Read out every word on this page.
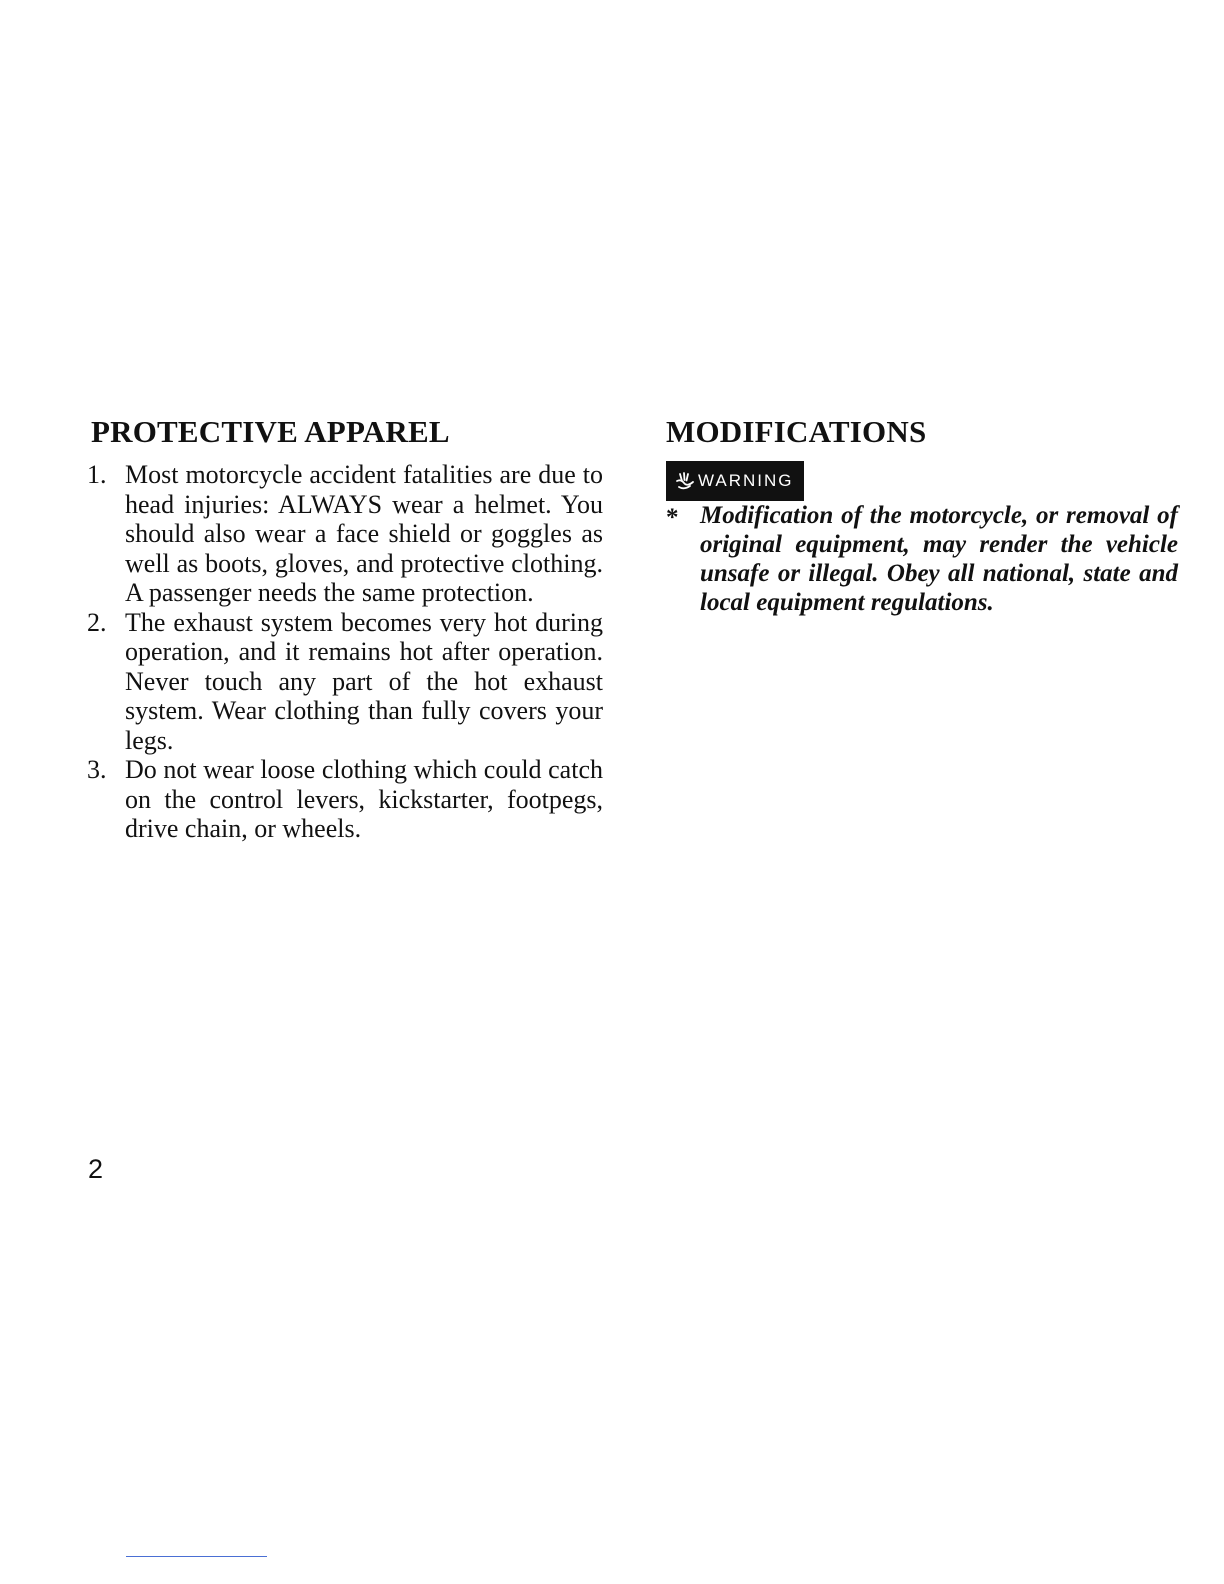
PROTECTIVE APPAREL
1. Most motorcycle accident fatalities are due to head injuries: ALWAYS wear a helmet. You should also wear a face shield or goggles as well as boots, gloves, and protective clothing. A passenger needs the same protection.
2. The exhaust system becomes very hot during operation, and it remains hot after operation. Never touch any part of the hot exhaust system. Wear clothing than fully covers your legs.
3. Do not wear loose clothing which could catch on the control levers, kickstarter, footpegs, drive chain, or wheels.
MODIFICATIONS
WARNING
* Modification of the motorcycle, or removal of original equipment, may render the vehicle unsafe or illegal. Obey all national, state and local equipment regulations.
2
